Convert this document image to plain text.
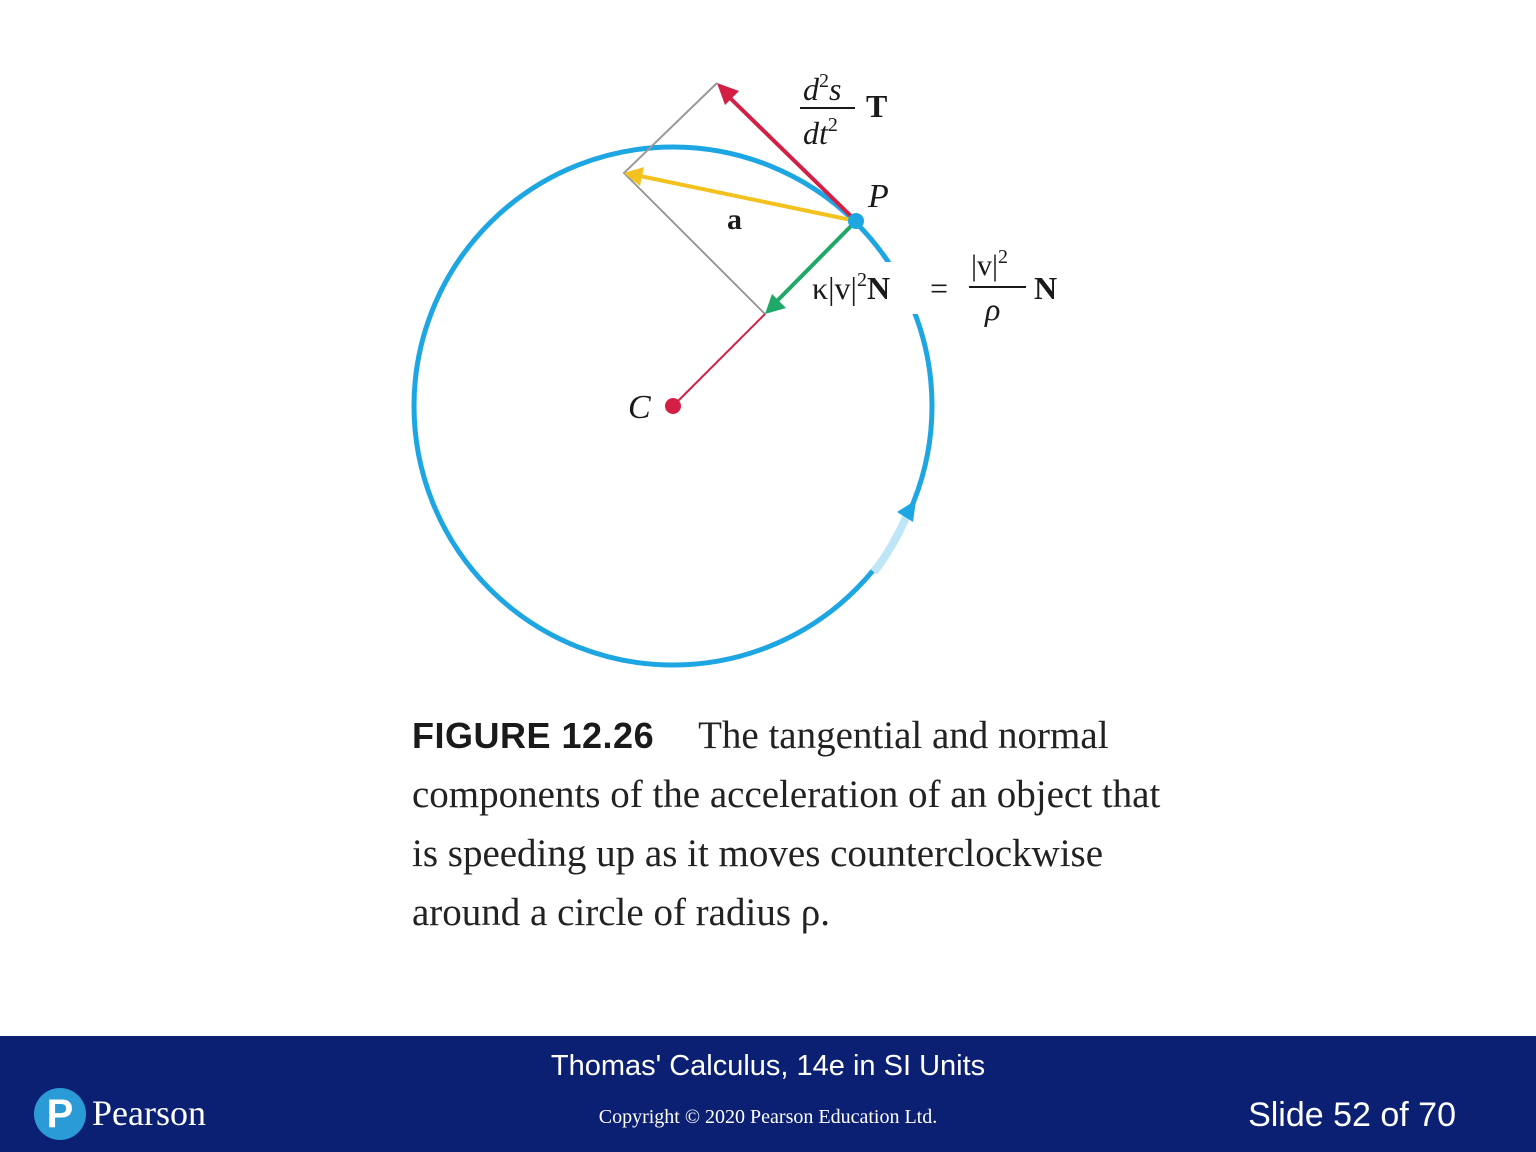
P
C
a
$d^2s$
$dt^2$
T
$\kappa|v|^2N$ =
$|v|^2$
ρ
N
FIGURE 12.26 The tangential and normal components of the acceleration of an object that is speeding up as it moves counterclockwise around a circle of radius ρ.
P Pearson
Thomas' Calculus, 14e in SI Units
Copyright © 2020 Pearson Education Ltd.	Slide 52 of 70
